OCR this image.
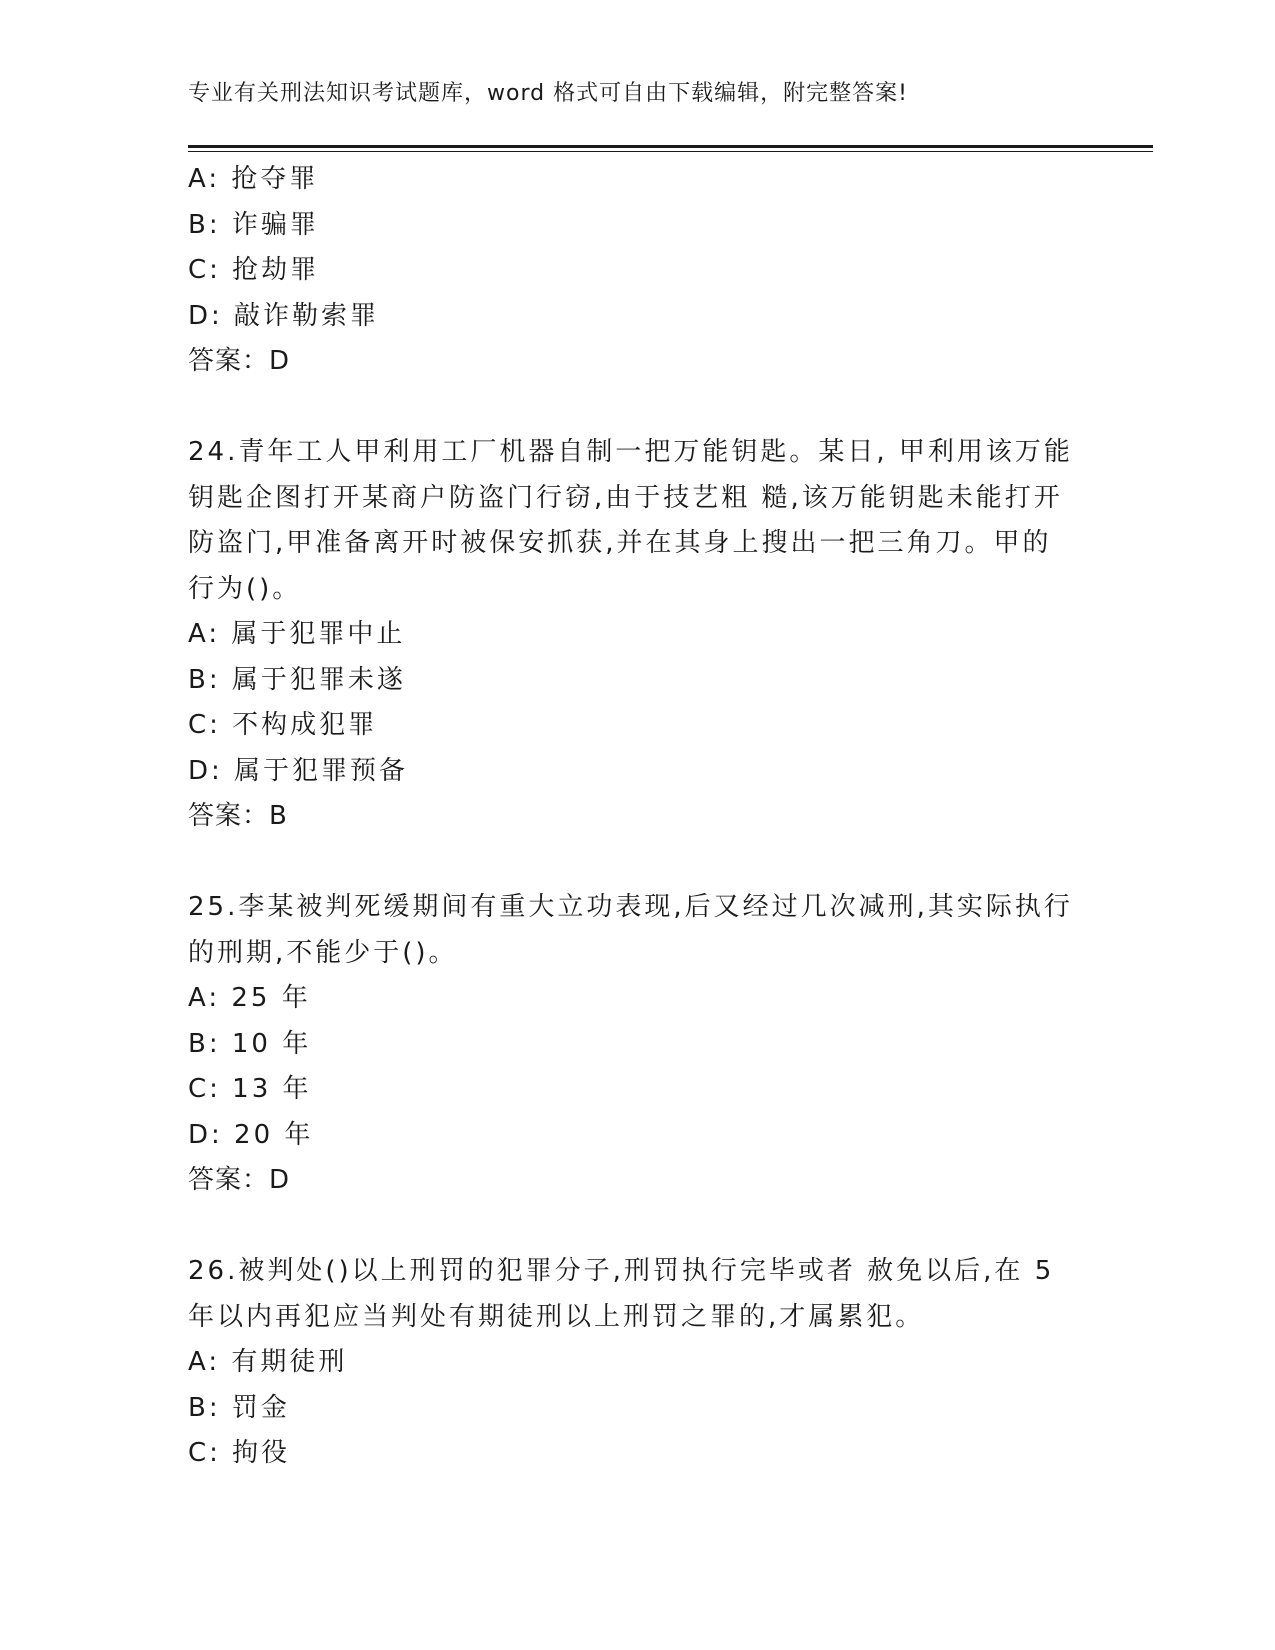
专业有关刑法知识考试题库，word 格式可自由下载编辑，附完整答案!
A: 抢夺罪
B: 诈骗罪
C: 抢劫罪
D: 敲诈勒索罪
答案：D
24.青年工人甲利用工厂机器自制一把万能钥匙。某日, 甲利用该万能
钥匙企图打开某商户防盗门行窃,由于技艺粗 糙,该万能钥匙未能打开
防盗门,甲准备离开时被保安抓获,并在其身上搜出一把三角刀。甲的
行为()。
A: 属于犯罪中止
B: 属于犯罪未遂
C: 不构成犯罪
D: 属于犯罪预备
答案：B
25.李某被判死缓期间有重大立功表现,后又经过几次减刑,其实际执行
的刑期,不能少于()。
A: 25 年
B: 10 年
C: 13 年
D: 20 年
答案：D
26.被判处()以上刑罚的犯罪分子,刑罚执行完毕或者 赦免以后,在 5
年以内再犯应当判处有期徒刑以上刑罚之罪的,才属累犯。
A: 有期徒刑
B: 罚金
C: 拘役
